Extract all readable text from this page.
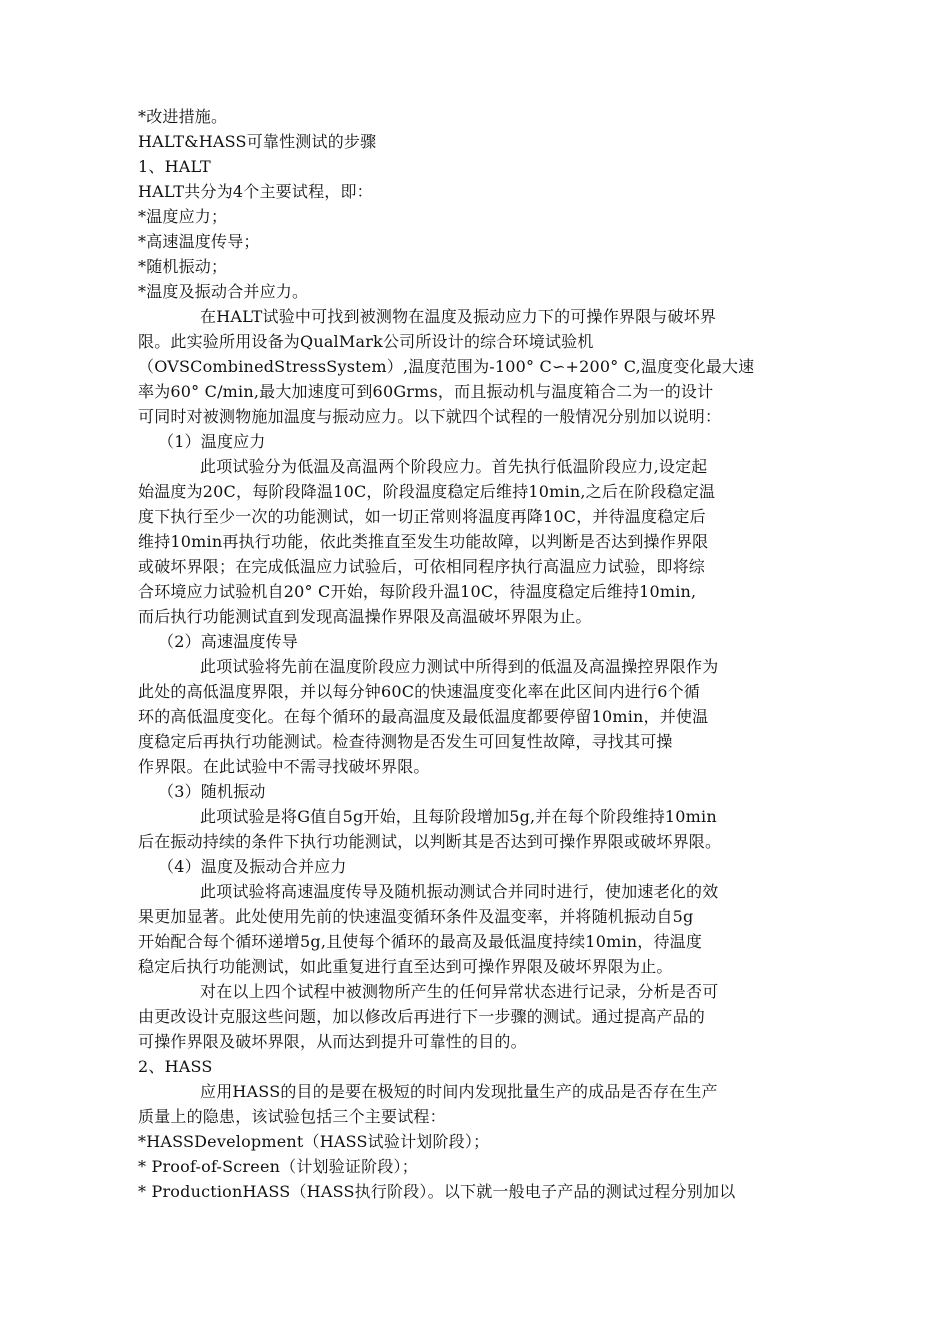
*改进措施。
HALT&HASS可靠性测试的步骤
1、HALT
HALT共分为4个主要试程，即：
*温度应力；
*高速温度传导；
*随机振动；
*温度及振动合并应力。
在HALT试验中可找到被测物在温度及振动应力下的可操作界限与破坏界
限。此实验所用设备为QualMark公司所设计的综合环境试验机
（OVSCombinedStressSystem）,温度范围为-100° C∽+200° C,温度变化最大速
率为60° C/min,最大加速度可到60Grms，而且振动机与温度箱合二为一的设计
可同时对被测物施加温度与振动应力。以下就四个试程的一般情况分别加以说明：
（1）温度应力
此项试验分为低温及高温两个阶段应力。首先执行低温阶段应力,设定起
始温度为20C，每阶段降温10C，阶段温度稳定后维持10min,之后在阶段稳定温
度下执行至少一次的功能测试，如一切正常则将温度再降10C，并待温度稳定后
维持10min再执行功能，依此类推直至发生功能故障，以判断是否达到操作界限
或破坏界限；在完成低温应力试验后，可依相同程序执行高温应力试验，即将综
合环境应力试验机自20° C开始，每阶段升温10C，待温度稳定后维持10min,
而后执行功能测试直到发现高温操作界限及高温破坏界限为止。
（2）高速温度传导
此项试验将先前在温度阶段应力测试中所得到的低温及高温操控界限作为
此处的高低温度界限，并以每分钟60C的快速温度变化率在此区间内进行6个循
环的高低温度变化。在每个循环的最高温度及最低温度都要停留10min，并使温
度稳定后再执行功能测试。检查待测物是否发生可回复性故障，寻找其可操
作界限。在此试验中不需寻找破坏界限。
（3）随机振动
此项试验是将G值自5g开始，且每阶段增加5g,并在每个阶段维持10min
后在振动持续的条件下执行功能测试，以判断其是否达到可操作界限或破坏界限。
（4）温度及振动合并应力
此项试验将高速温度传导及随机振动测试合并同时进行，使加速老化的效
果更加显著。此处使用先前的快速温变循环条件及温变率，并将随机振动自5g
开始配合每个循环递增5g,且使每个循环的最高及最低温度持续10min，待温度
稳定后执行功能测试，如此重复进行直至达到可操作界限及破坏界限为止。
对在以上四个试程中被测物所产生的任何异常状态进行记录，分析是否可
由更改设计克服这些问题，加以修改后再进行下一步骤的测试。通过提高产品的
可操作界限及破坏界限，从而达到提升可靠性的目的。
2、HASS
应用HASS的目的是要在极短的时间内发现批量生产的成品是否存在生产
质量上的隐患，该试验包括三个主要试程：
*HASSDevelopment（HASS试验计划阶段）；
* Proof-of-Screen（计划验证阶段）；
* ProductionHASS（HASS执行阶段）。以下就一般电子产品的测试过程分别加以
